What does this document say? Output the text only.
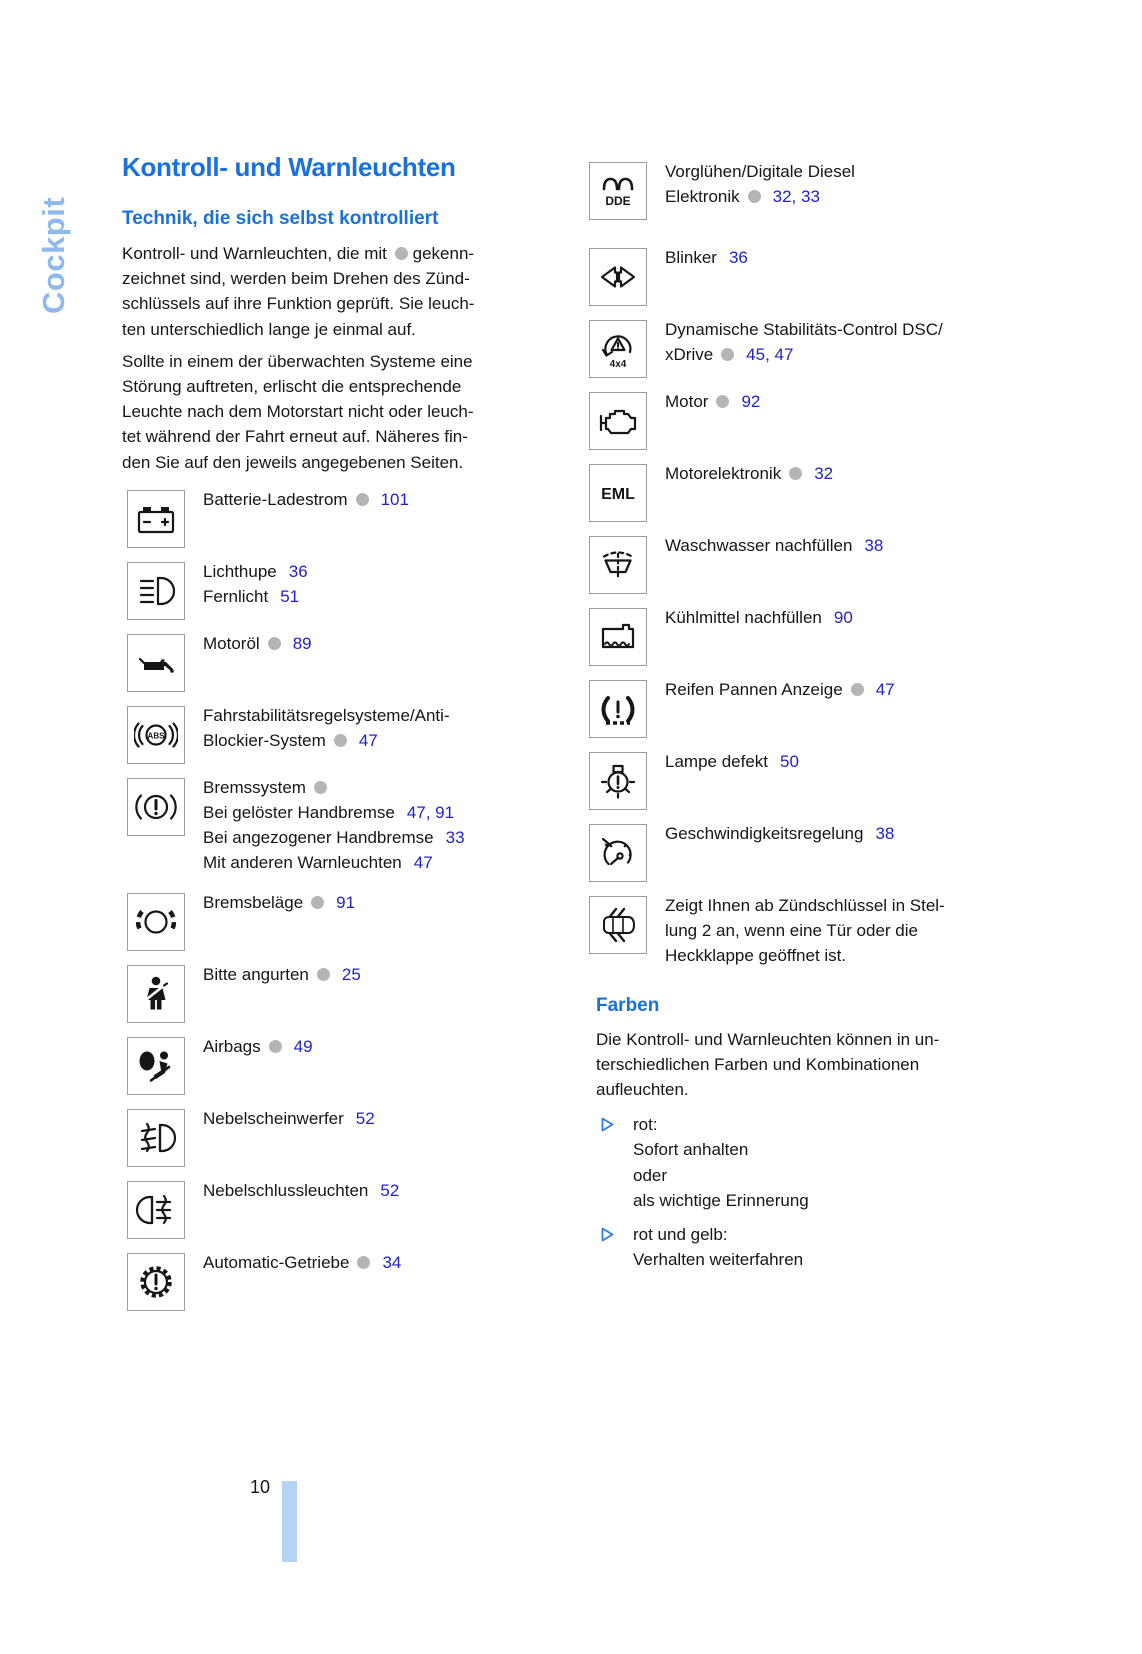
Cockpit
Kontroll- und Warnleuchten
Technik, die sich selbst kontrolliert
Kontroll- und Warnleuchten, die mit gekenn-
zeichnet sind, werden beim Drehen des Zünd-
schlüssels auf ihre Funktion geprüft. Sie leuch-
ten unterschiedlich lange je einmal auf.
Sollte in einem der überwachten Systeme eine
Störung auftreten, erlischt die entsprechende
Leuchte nach dem Motorstart nicht oder leuch-
tet während der Fahrt erneut auf. Näheres fin-
den Sie auf den jeweils angegebenen Seiten.
Batterie-Ladestrom 101
Lichthupe 36
Fernlicht 51
Motoröl 89
ABS
Fahrstabilitätsregelsysteme/Anti-
Blockier-System 47
Bremssystem
Bei gelöster Handbremse 47, 91
Bei angezogener Handbremse 33
Mit anderen Warnleuchten 47
Bremsbeläge 91
Bitte angurten 25
Airbags 49
Nebelscheinwerfer 52
Nebelschlussleuchten 52
Automatic-Getriebe 34
DDE
Vorglühen/Digitale Diesel
Elektronik 32, 33
Blinker 36
4x4
Dynamische Stabilitäts-Control DSC/
xDrive 45, 47
Motor 92
EML
Motorelektronik 32
Waschwasser nachfüllen 38
Kühlmittel nachfüllen 90
Reifen Pannen Anzeige 47
Lampe defekt 50
Geschwindigkeitsregelung 38
Zeigt Ihnen ab Zündschlüssel in Stel-
lung 2 an, wenn eine Tür oder die
Heckklappe geöffnet ist.
Farben
Die Kontroll- und Warnleuchten können in un-
terschiedlichen Farben und Kombinationen
aufleuchten.
rot:
Sofort anhalten
oder
als wichtige Erinnerung
rot und gelb:
Verhalten weiterfahren
10
